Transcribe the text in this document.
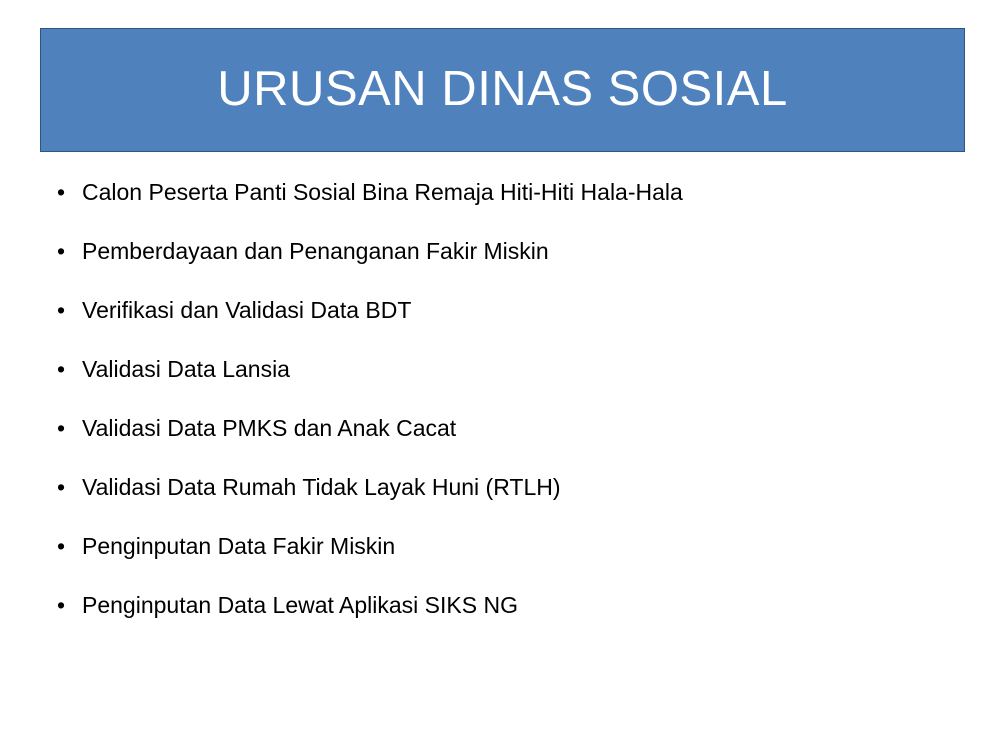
URUSAN DINAS SOSIAL
• Calon Peserta Panti Sosial Bina Remaja Hiti-Hiti Hala-Hala
• Pemberdayaan dan Penanganan Fakir Miskin
• Verifikasi dan Validasi Data BDT
• Validasi Data Lansia
• Validasi Data PMKS dan Anak Cacat
• Validasi Data Rumah Tidak Layak Huni (RTLH)
• Penginputan Data Fakir Miskin
• Penginputan Data Lewat Aplikasi SIKS NG
